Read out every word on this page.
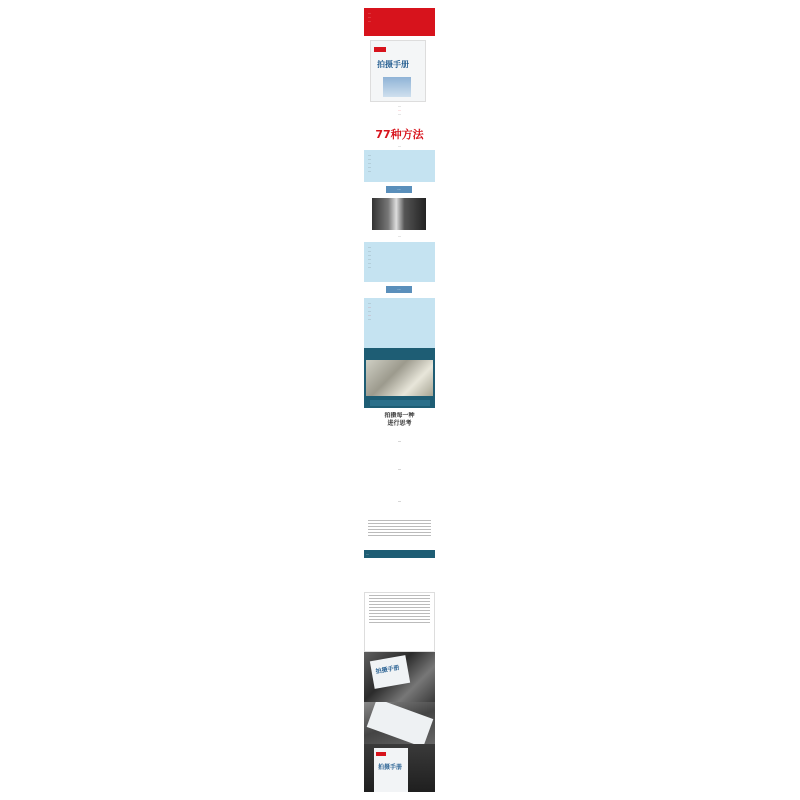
...
...
...
拍摄手册
...
...
...
77种方法
...
...
...
...
...
...
...
...
...
...
...
...
...
...
...
...
...
...
...
...
拍摄每一种
进行思考
...
...
...
...
拍摄手册
拍摄手册
